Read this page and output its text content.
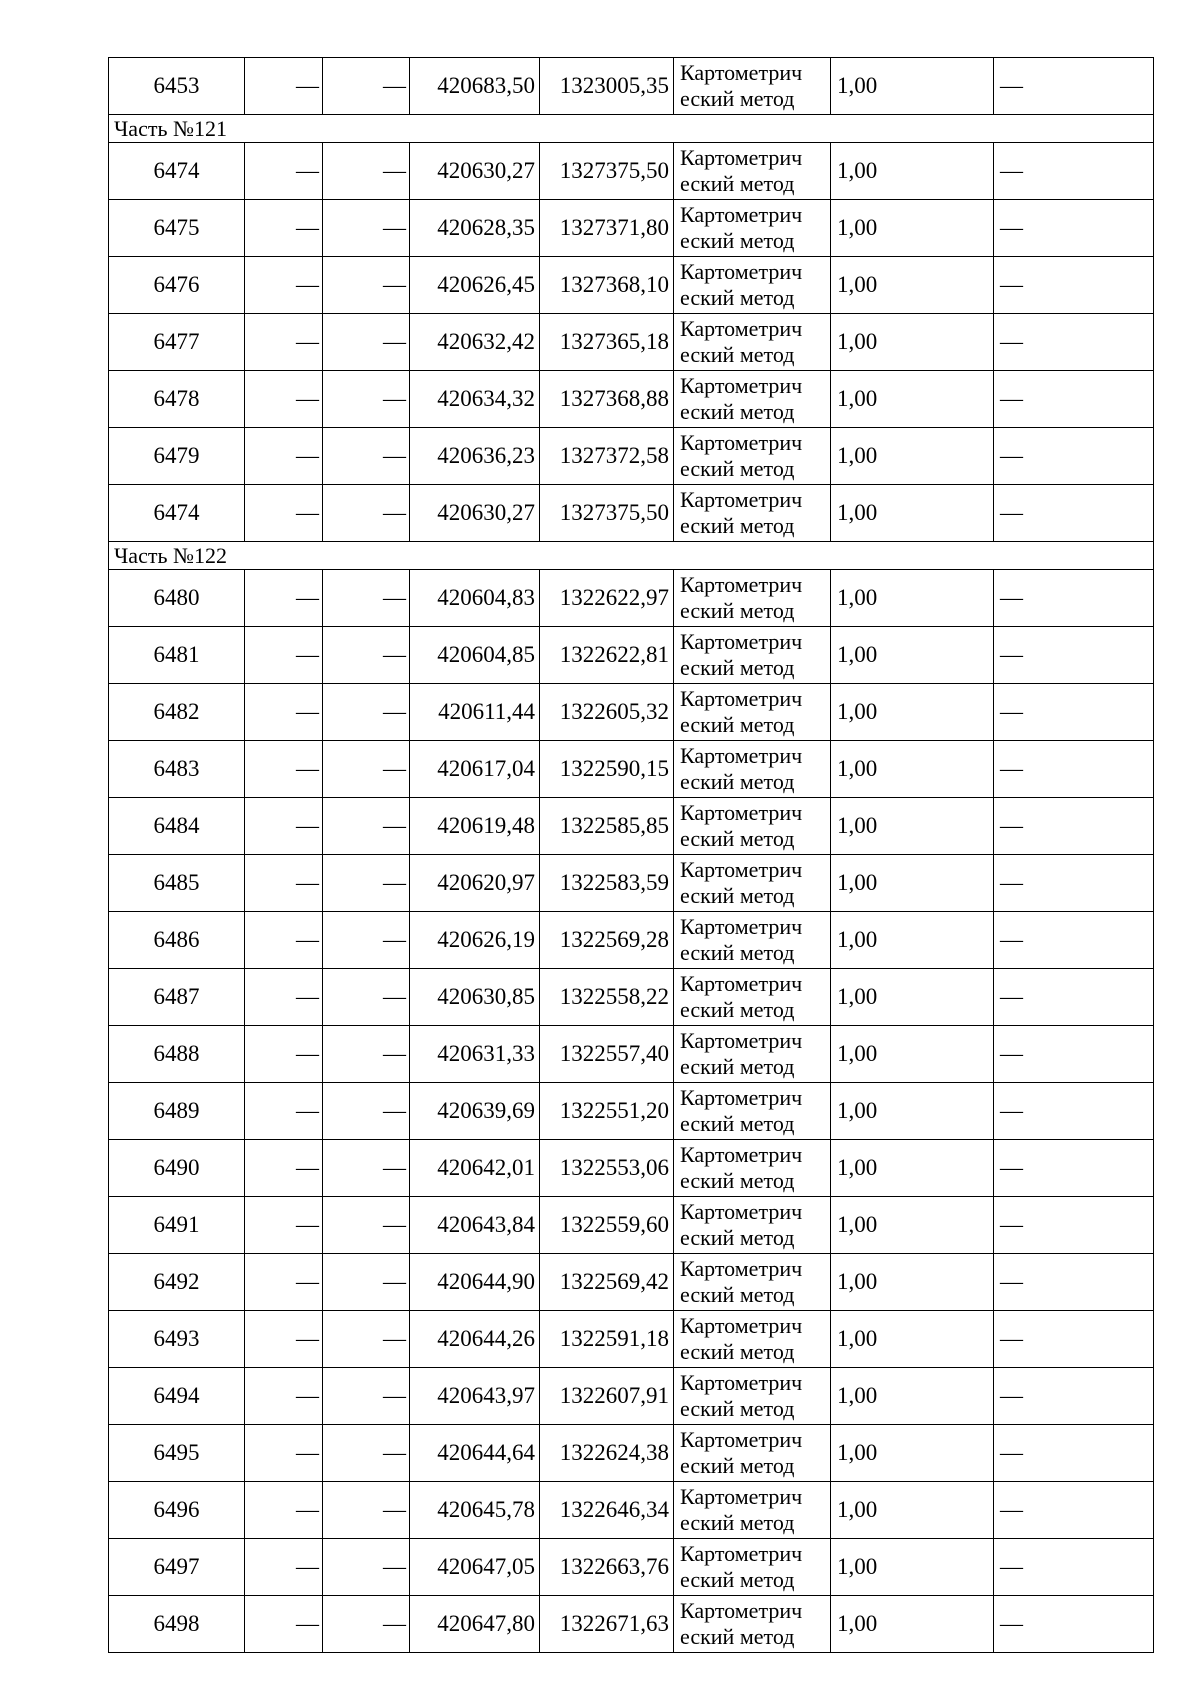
6453	—	—	420683,50	1323005,35	Картометрич
еский метод	1,00	—
Часть №121							
6474	—	—	420630,27	1327375,50	Картометрич
еский метод	1,00	—
6475	—	—	420628,35	1327371,80	Картометрич
еский метод	1,00	—
6476	—	—	420626,45	1327368,10	Картометрич
еский метод	1,00	—
6477	—	—	420632,42	1327365,18	Картометрич
еский метод	1,00	—
6478	—	—	420634,32	1327368,88	Картометрич
еский метод	1,00	—
6479	—	—	420636,23	1327372,58	Картометрич
еский метод	1,00	—
6474	—	—	420630,27	1327375,50	Картометрич
еский метод	1,00	—
Часть №122							
6480	—	—	420604,83	1322622,97	Картометрич
еский метод	1,00	—
6481	—	—	420604,85	1322622,81	Картометрич
еский метод	1,00	—
6482	—	—	420611,44	1322605,32	Картометрич
еский метод	1,00	—
6483	—	—	420617,04	1322590,15	Картометрич
еский метод	1,00	—
6484	—	—	420619,48	1322585,85	Картометрич
еский метод	1,00	—
6485	—	—	420620,97	1322583,59	Картометрич
еский метод	1,00	—
6486	—	—	420626,19	1322569,28	Картометрич
еский метод	1,00	—
6487	—	—	420630,85	1322558,22	Картометрич
еский метод	1,00	—
6488	—	—	420631,33	1322557,40	Картометрич
еский метод	1,00	—
6489	—	—	420639,69	1322551,20	Картометрич
еский метод	1,00	—
6490	—	—	420642,01	1322553,06	Картометрич
еский метод	1,00	—
6491	—	—	420643,84	1322559,60	Картометрич
еский метод	1,00	—
6492	—	—	420644,90	1322569,42	Картометрич
еский метод	1,00	—
6493	—	—	420644,26	1322591,18	Картометрич
еский метод	1,00	—
6494	—	—	420643,97	1322607,91	Картометрич
еский метод	1,00	—
6495	—	—	420644,64	1322624,38	Картометрич
еский метод	1,00	—
6496	—	—	420645,78	1322646,34	Картометрич
еский метод	1,00	—
6497	—	—	420647,05	1322663,76	Картометрич
еский метод	1,00	—
6498	—	—	420647,80	1322671,63	Картометрич
еский метод	1,00	—
